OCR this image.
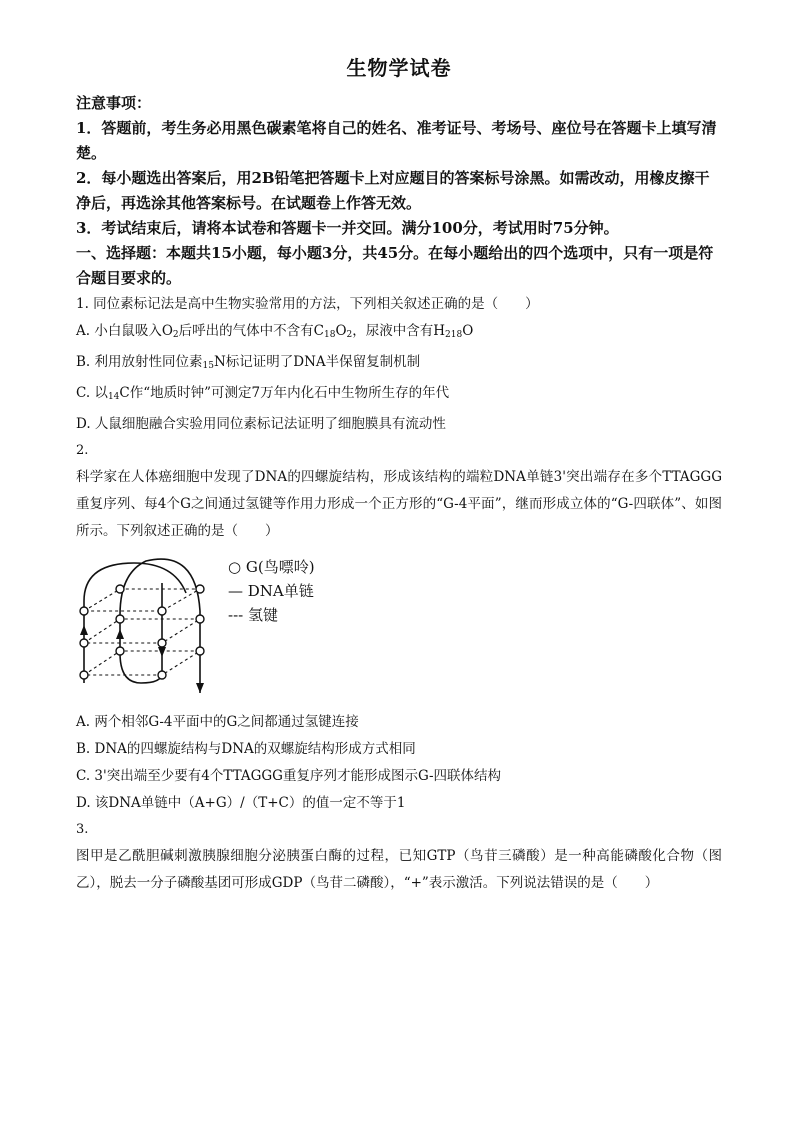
生物学试卷

注意事项：

1．答题前，考生务必用黑色碳素笔将自己的姓名、准考证号、考场号、座位号在答题卡上填写清楚。

2．每小题选出答案后，用2B铅笔把答题卡上对应题目的答案标号涂黑。如需改动，用橡皮擦干净后，再选涂其他答案标号。在试题卷上作答无效。

3．考试结束后，请将本试卷和答题卡一并交回。满分100分，考试用时75分钟。

一、选择题：本题共15小题，每小题3分，共45分。在每小题给出的四个选项中，只有一项是符合题目要求的。

1. 同位素标记法是高中生物实验常用的方法，下列相关叙述正确的是（　　）

A. 小白鼠吸入$O_2$后呼出的气体中不含有$C_{18}O_2$，尿液中含有$H_{218}O$

B. 利用放射性同位素$_{15}$N标记证明了DNA半保留复制机制

C. 以$_{14}$C作“地质时钟”可测定7万年内化石中生物所生存的年代

D. 人鼠细胞融合实验用同位素标记法证明了细胞膜具有流动性

2.

科学家在人体癌细胞中发现了DNA的四螺旋结构，形成该结构的端粒DNA单链3'突出端存在多个TTAGGG重复序列、每4个G之间通过氢键等作用力形成一个正方形的“G-4平面”，继而形成立体的“G-四联体”、如图所示。下列叙述正确的是（　　）

○ G(鸟嘌呤)
— DNA单链
--- 氢键

A. 两个相邻G-4平面中的G之间都通过氢键连接

B. DNA的四螺旋结构与DNA的双螺旋结构形成方式相同

C. 3'突出端至少要有4个TTAGGG重复序列才能形成图示G-四联体结构

D. 该DNA单链中（A+G）/（T+C）的值一定不等于1

3.

图甲是乙酰胆碱刺激胰腺细胞分泌胰蛋白酶的过程，已知GTP（鸟苷三磷酸）是一种高能磷酸化合物（图乙），脱去一分子磷酸基团可形成GDP（鸟苷二磷酸），“+”表示激活。下列说法错误的是（　　）
